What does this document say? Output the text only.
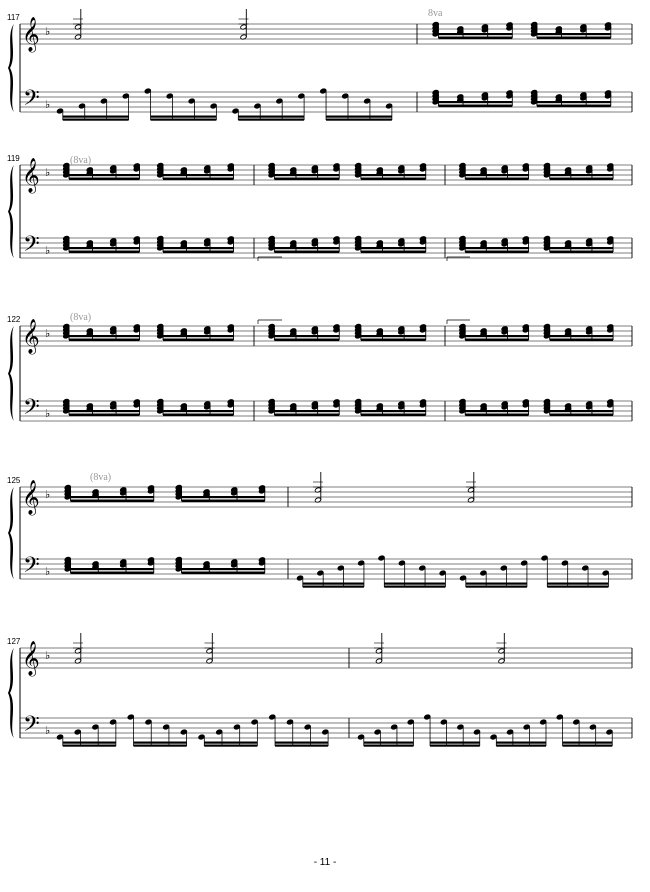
𝄞
𝄢
♭
♭
117
𝄞
𝄢
♭
♭
119
𝄞
𝄢
♭
♭
122
𝄞
𝄢
♭
♭
125
𝄞
𝄢
♭
♭
127
8va
(8va)
(8va)
(8va)
- 11 -
